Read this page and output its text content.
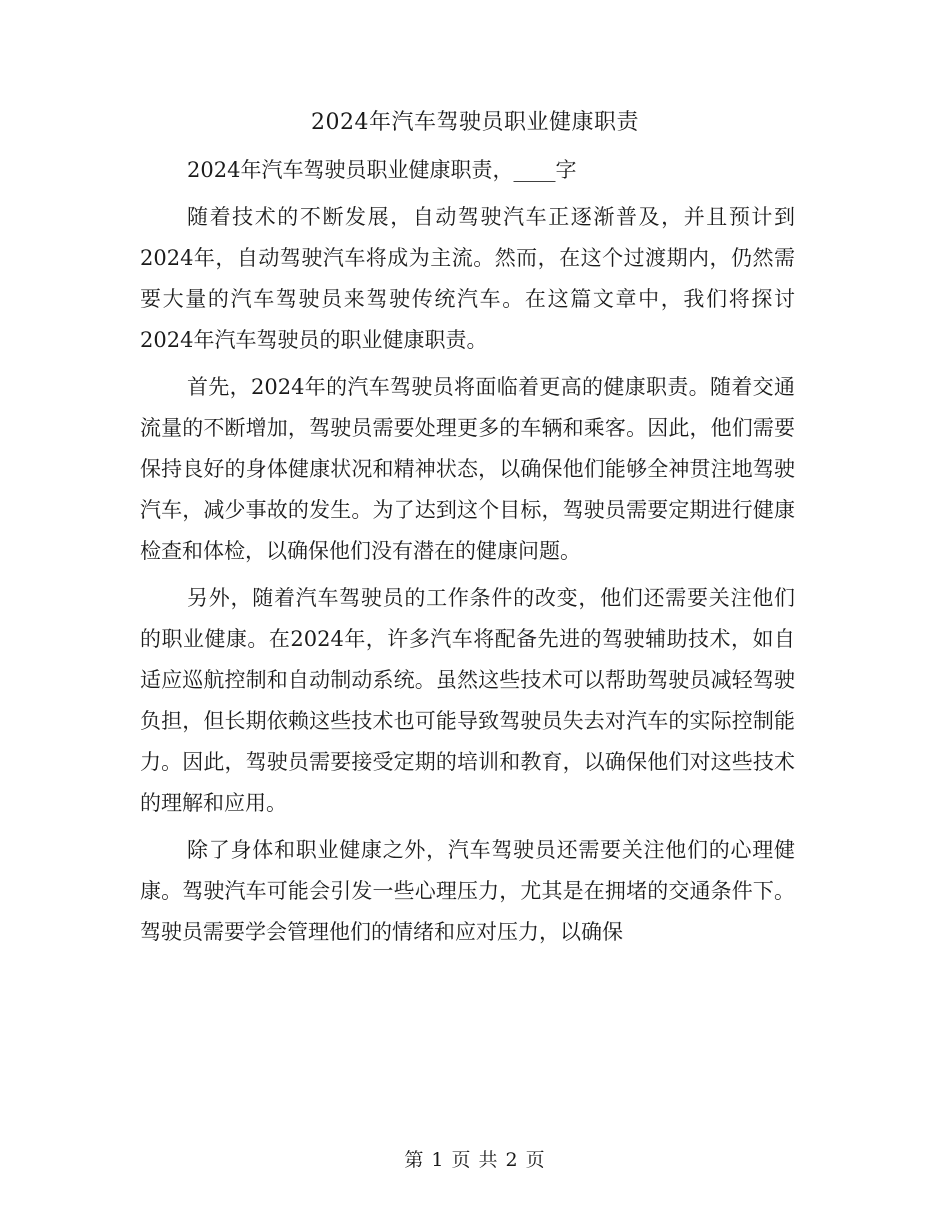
2024年汽车驾驶员职业健康职责

2024年汽车驾驶员职业健康职责，____字

随着技术的不断发展，自动驾驶汽车正逐渐普及，并且预计到2024年，自动驾驶汽车将成为主流。然而，在这个过渡期内，仍然需要大量的汽车驾驶员来驾驶传统汽车。在这篇文章中，我们将探讨2024年汽车驾驶员的职业健康职责。

首先，2024年的汽车驾驶员将面临着更高的健康职责。随着交通流量的不断增加，驾驶员需要处理更多的车辆和乘客。因此，他们需要保持良好的身体健康状况和精神状态，以确保他们能够全神贯注地驾驶汽车，减少事故的发生。为了达到这个目标，驾驶员需要定期进行健康检查和体检，以确保他们没有潜在的健康问题。

另外，随着汽车驾驶员的工作条件的改变，他们还需要关注他们的职业健康。在2024年，许多汽车将配备先进的驾驶辅助技术，如自适应巡航控制和自动制动系统。虽然这些技术可以帮助驾驶员减轻驾驶负担，但长期依赖这些技术也可能导致驾驶员失去对汽车的实际控制能力。因此，驾驶员需要接受定期的培训和教育，以确保他们对这些技术的理解和应用。

除了身体和职业健康之外，汽车驾驶员还需要关注他们的心理健康。驾驶汽车可能会引发一些心理压力，尤其是在拥堵的交通条件下。驾驶员需要学会管理他们的情绪和应对压力，以确保

第 1 页 共 2 页
